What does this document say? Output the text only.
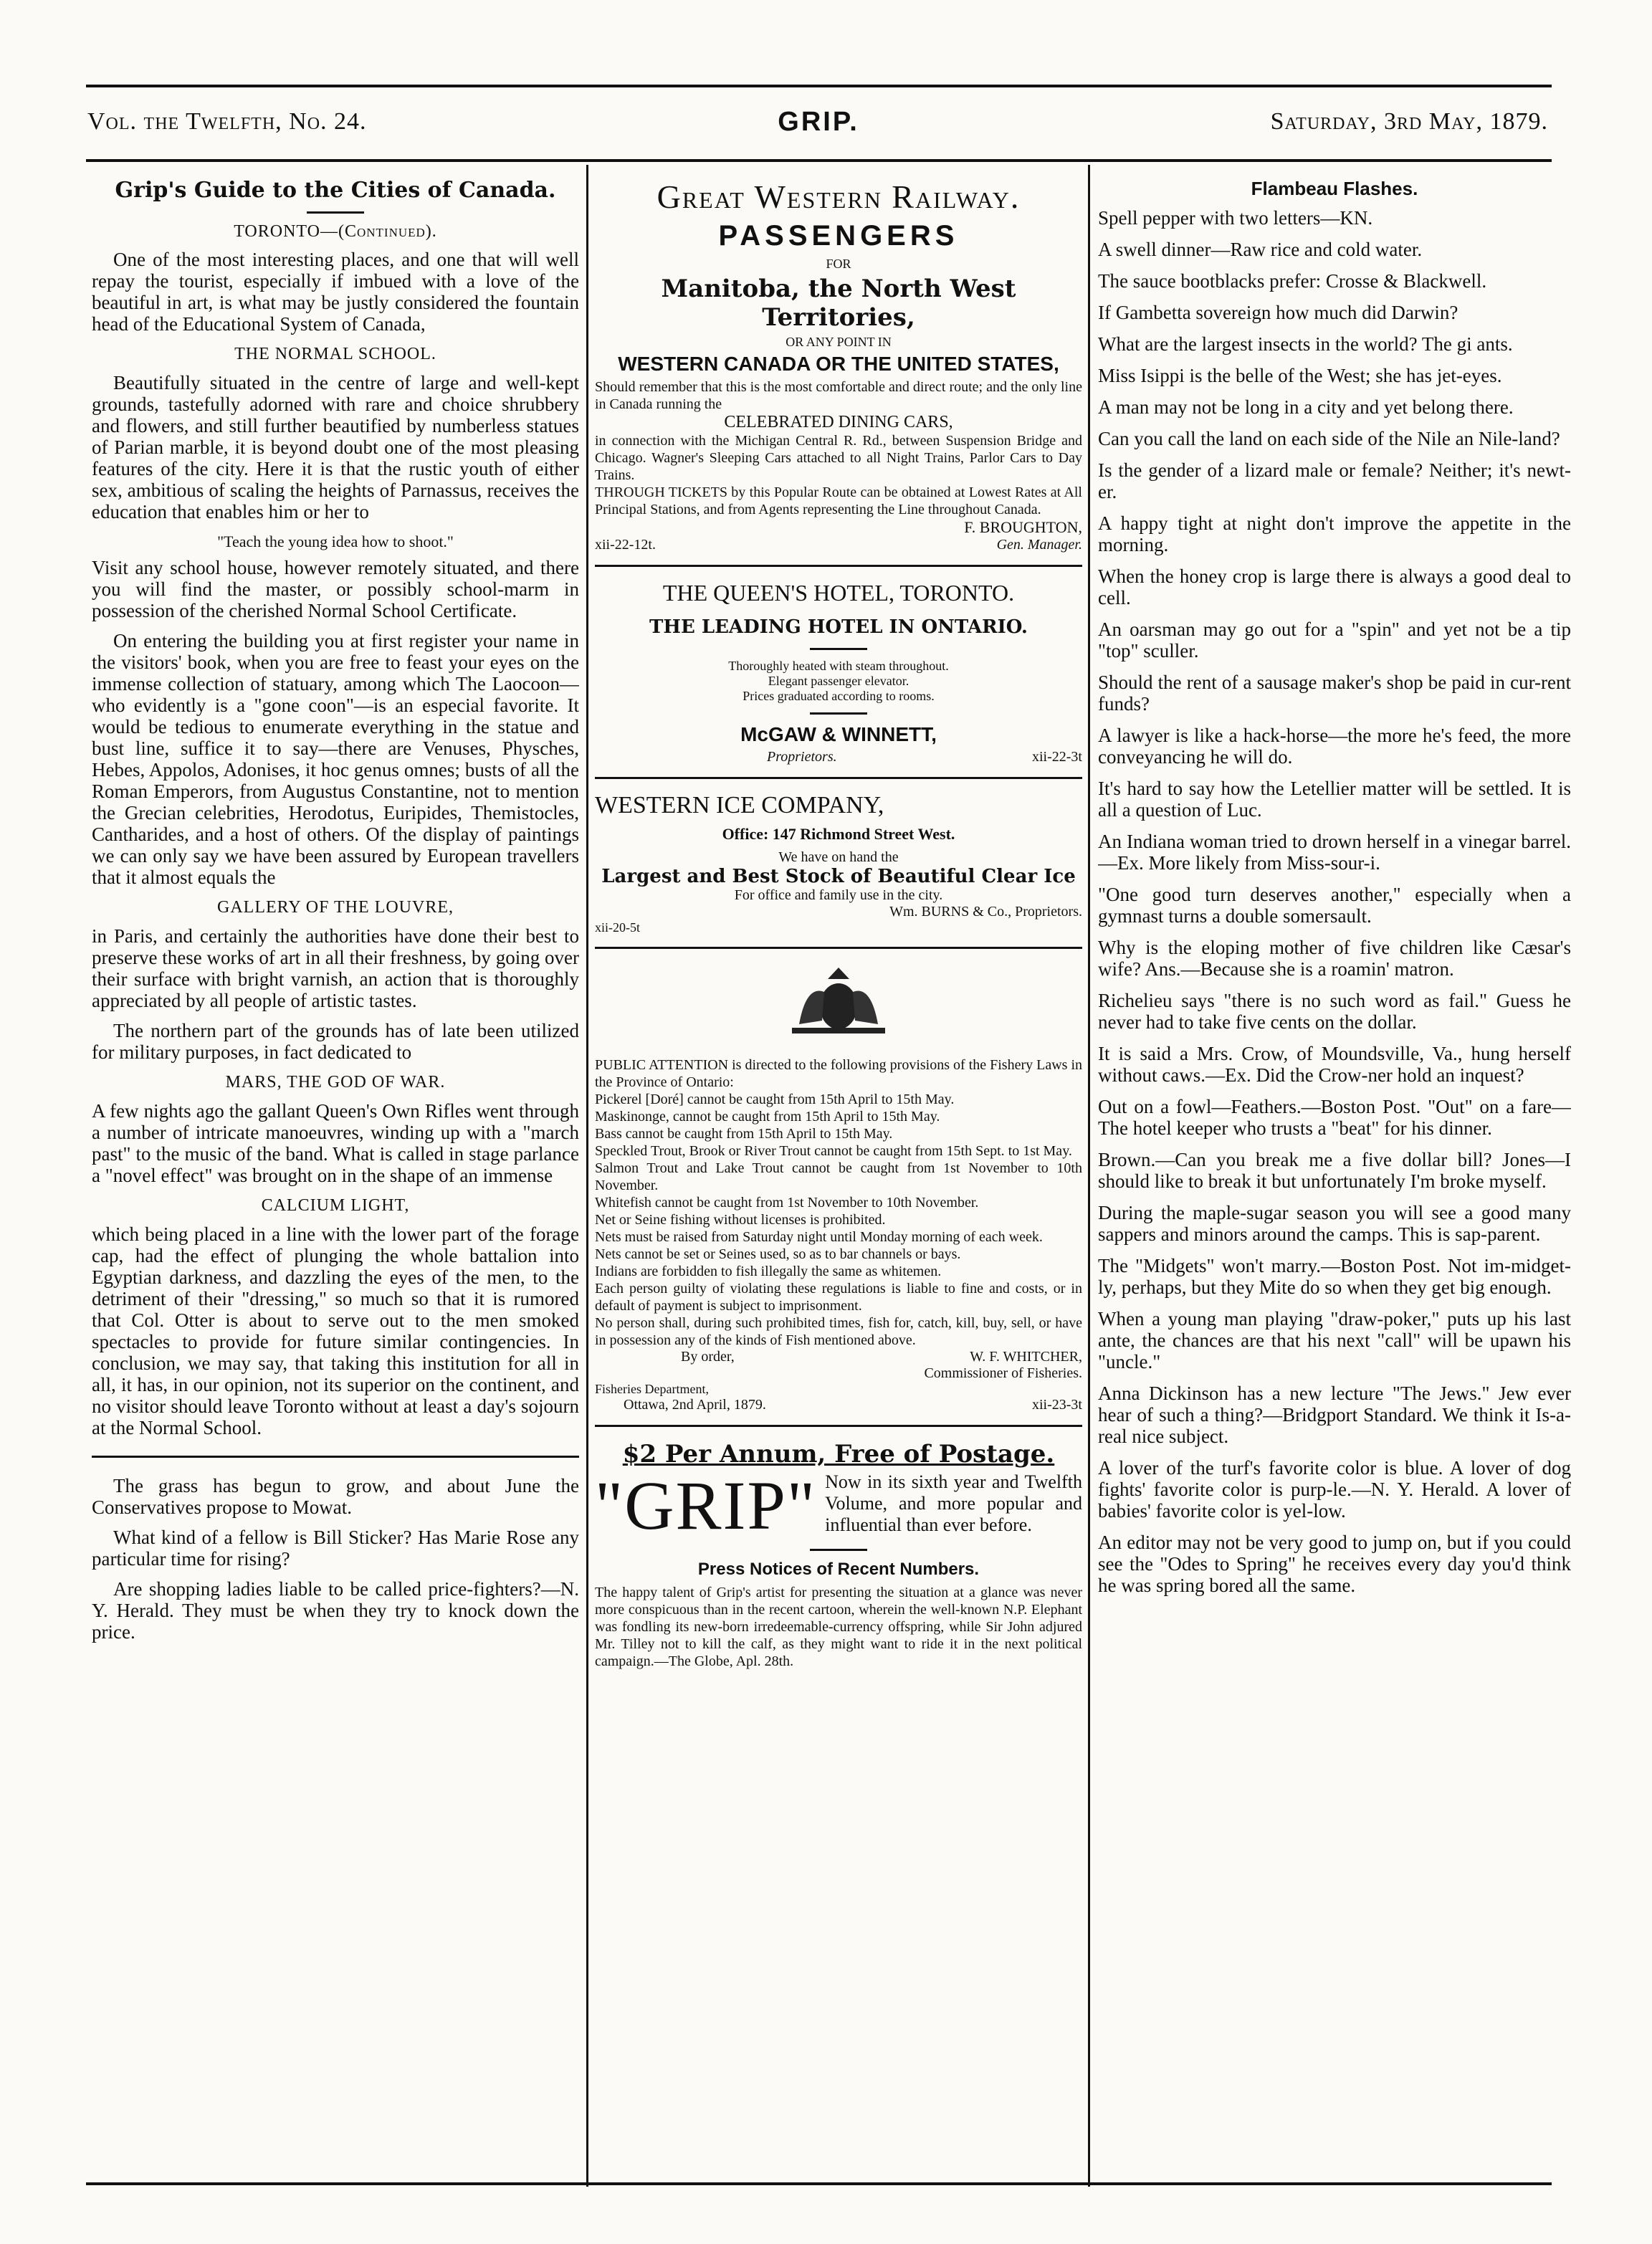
Vol. the Twelfth, No. 24.	GRIP.	Saturday, 3rd May, 1879.
Grip's Guide to the Cities of Canada.
TORONTO—(Continued).

One of the most interesting places, and one that will well repay the tourist, especially if imbued with a love of the beautiful in art, is what may be justly considered the fountain head of the Educational System of Canada,

THE NORMAL SCHOOL.

Beautifully situated in the centre of large and well-kept grounds, tastefully adorned with rare and choice shrubbery and flowers, and still further beautified by numberless statues of Parian marble, it is beyond doubt one of the most pleasing features of the city. Here it is that the rustic youth of either sex, ambitious of scaling the heights of Parnassus, receives the education that enables him or her to

"Teach the young idea how to shoot."

Visit any school house, however remotely situated, and there you will find the master, or possibly school-marm in possession of the cherished Normal School Certificate.

On entering the building you at first register your name in the visitors' book, when you are free to feast your eyes on the immense collection of statuary, among which The Laocoon—who evidently is a "gone coon"—is an especial favorite. It would be tedious to enumerate everything in the statue and bust line, suffice it to say—there are Venuses, Physches, Hebes, Appolos, Adonises, it hoc genus omnes; busts of all the Roman Emperors, from Augustus Constantine, not to mention the Grecian celebrities, Herodotus, Euripides, Themistocles, Cantharides, and a host of others. Of the display of paintings we can only say we have been assured by European travellers that it almost equals the

GALLERY OF THE LOUVRE,

in Paris, and certainly the authorities have done their best to preserve these works of art in all their freshness, by going over their surface with bright varnish, an action that is thoroughly appreciated by all people of artistic tastes.

The northern part of the grounds has of late been utilized for military purposes, in fact dedicated to

MARS, THE GOD OF WAR.

A few nights ago the gallant Queen's Own Rifles went through a number of intricate manoeuvres, winding up with a "march past" to the music of the band. What is called in stage parlance a "novel effect" was brought on in the shape of an immense

CALCIUM LIGHT,

which being placed in a line with the lower part of the forage cap, had the effect of plunging the whole battalion into Egyptian darkness, and dazzling the eyes of the men, to the detriment of their "dressing," so much so that it is rumored that Col. Otter is about to serve out to the men smoked spectacles to provide for future similar contingencies. In conclusion, we may say, that taking this institution for all in all, it has, in our opinion, not its superior on the continent, and no visitor should leave Toronto without at least a day's sojourn at the Normal School.

The grass has begun to grow, and about June the Conservatives propose to Mowat.

What kind of a fellow is Bill Sticker? Has Marie Rose any particular time for rising?

Are shopping ladies liable to be called price-fighters?—N. Y. Herald. They must be when they try to knock down the price.

Great Western Railway.
PASSENGERS
FOR
Manitoba, the North West Territories,
OR ANY POINT IN
WESTERN CANADA OR THE UNITED STATES,
Should remember that this is the most comfortable and direct route; and the only line in Canada running the
CELEBRATED DINING CARS,
in connection with the Michigan Central R. Rd., between Suspension Bridge and Chicago. Wagner's Sleeping Cars attached to all Night Trains, Parlor Cars to Day Trains.
THROUGH TICKETS by this Popular Route can be obtained at Lowest Rates at All Principal Stations, and from Agents representing the Line throughout Canada.
F. BROUGHTON,
xii-22-12t.	Gen. Manager.
THE QUEEN'S HOTEL, TORONTO.
THE LEADING HOTEL IN ONTARIO.
Thoroughly heated with steam throughout.
Elegant passenger elevator.
Prices graduated according to rooms.
McGAW & WINNETT,
Proprietors.	xii-22-3t
WESTERN ICE COMPANY,
Office: 147 Richmond Street West.
We have on hand the
Largest and Best Stock of Beautiful Clear Ice
For office and family use in the city.
Wm. BURNS & Co., Proprietors.
xii-20-5t
PUBLIC ATTENTION is directed to the following provisions of the Fishery Laws in the Province of Ontario:
Pickerel [Doré] cannot be caught from 15th April to 15th May.
Maskinonge, cannot be caught from 15th April to 15th May.
Bass cannot be caught from 15th April to 15th May.
Speckled Trout, Brook or River Trout cannot be caught from 15th Sept. to 1st May.
Salmon Trout and Lake Trout cannot be caught from 1st November to 10th November.
Whitefish cannot be caught from 1st November to 10th November.
Net or Seine fishing without licenses is prohibited.
Nets must be raised from Saturday night until Monday morning of each week.
Nets cannot be set or Seines used, so as to bar channels or bays.
Indians are forbidden to fish illegally the same as whitemen.
Each person guilty of violating these regulations is liable to fine and costs, or in default of payment is subject to imprisonment.
No person shall, during such prohibited times, fish for, catch, kill, buy, sell, or have in possession any of the kinds of Fish mentioned above.
By order,	W. F. WHITCHER,
Commissioner of Fisheries.
Fisheries Department,
Ottawa, 2nd April, 1879.	xii-23-3t
$2 Per Annum, Free of Postage.
"GRIP" Now in its sixth year and Twelfth Volume, and more popular and influential than ever before.
Press Notices of Recent Numbers.
The happy talent of Grip's artist for presenting the situation at a glance was never more conspicuous than in the recent cartoon, wherein the well-known N.P. Elephant was fondling its new-born irredeemable-currency offspring, while Sir John adjured Mr. Tilley not to kill the calf, as they might want to ride it in the next political campaign.—The Globe, Apl. 28th.
Flambeau Flashes.

Spell pepper with two letters—KN.

A swell dinner—Raw rice and cold water.

The sauce bootblacks prefer: Crosse & Blackwell.

If Gambetta sovereign how much did Darwin?

What are the largest insects in the world? The gi ants.

Miss Isippi is the belle of the West; she has jet-eyes.

A man may not be long in a city and yet belong there.

Can you call the land on each side of the Nile an Nile-land?

Is the gender of a lizard male or female? Neither; it's newt-er.

A happy tight at night don't improve the appetite in the morning.

When the honey crop is large there is always a good deal to cell.

An oarsman may go out for a "spin" and yet not be a tip "top" sculler.

Should the rent of a sausage maker's shop be paid in cur-rent funds?

A lawyer is like a hack-horse—the more he's feed, the more conveyancing he will do.

It's hard to say how the Letellier matter will be settled. It is all a question of Luc.

An Indiana woman tried to drown herself in a vinegar barrel.—Ex. More likely from Miss-sour-i.

"One good turn deserves another," especially when a gymnast turns a double somersault.

Why is the eloping mother of five children like Cæsar's wife? Ans.—Because she is a roamin' matron.

Richelieu says "there is no such word as fail." Guess he never had to take five cents on the dollar.

It is said a Mrs. Crow, of Moundsville, Va., hung herself without caws.—Ex. Did the Crow-ner hold an inquest?

Out on a fowl—Feathers.—Boston Post. "Out" on a fare—The hotel keeper who trusts a "beat" for his dinner.

Brown.—Can you break me a five dollar bill? Jones—I should like to break it but unfortunately I'm broke myself.

During the maple-sugar season you will see a good many sappers and minors around the camps. This is sap-parent.

The "Midgets" won't marry.—Boston Post. Not im-midget-ly, perhaps, but they Mite do so when they get big enough.

When a young man playing "draw-poker," puts up his last ante, the chances are that his next "call" will be upawn his "uncle."

Anna Dickinson has a new lecture "The Jews." Jew ever hear of such a thing?—Bridgport Standard. We think it Is-a-real nice subject.

A lover of the turf's favorite color is blue. A lover of dog fights' favorite color is purp-le.—N. Y. Herald. A lover of babies' favorite color is yel-low.

An editor may not be very good to jump on, but if you could see the "Odes to Spring" he receives every day you'd think he was spring bored all the same.
